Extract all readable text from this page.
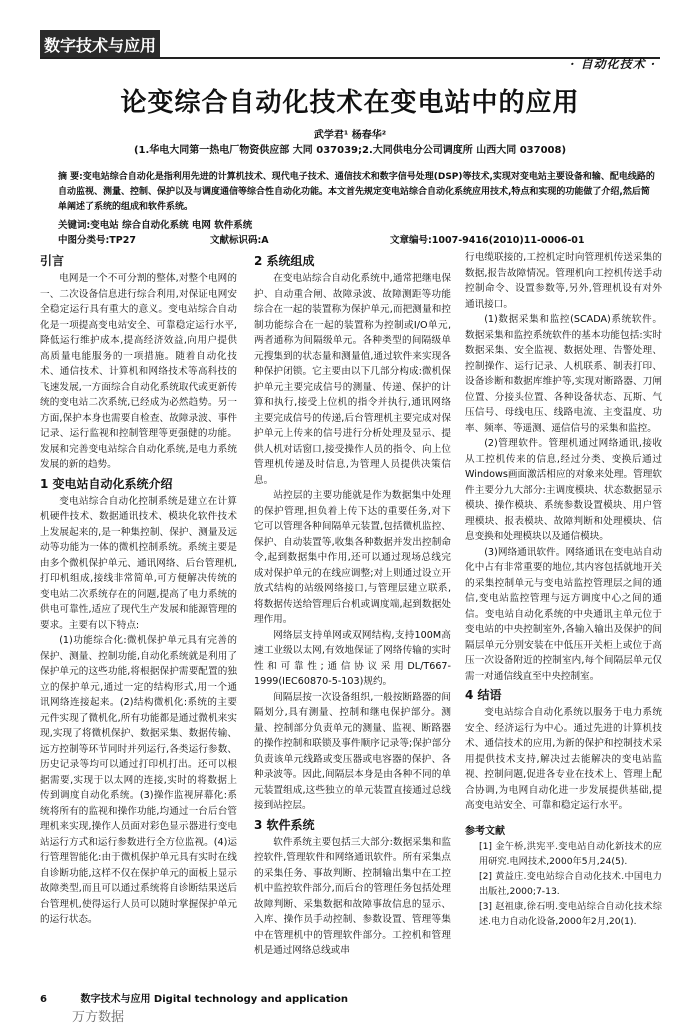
数字技术与应用
· 自动化技术 ·
论变综合自动化技术在变电站中的应用
武学君¹ 杨春华²
(1.华电大同第一热电厂物资供应部 大同 037039;2.大同供电分公司调度所 山西大同 037008)
摘 要:变电站综合自动化是指利用先进的计算机技术、现代电子技术、通信技术和数字信号处理(DSP)等技术,实现对变电站主要设备和输、配电线路的自动监视、测量、控制、保护以及与调度通信等综合性自动化功能。本文首先规定变电站综合自动化系统应用技术,特点和实现的功能做了介绍,然后简单阐述了系统的组成和软件系统。
关键词:变电站 综合自动化系统 电网 软件系统
中图分类号:TP27	文献标识码:A	文章编号:1007-9416(2010)11-0006-01
引言

电网是一个不可分割的整体,对整个电网的一、二次设备信息进行综合利用,对保证电网安全稳定运行具有重大的意义。变电站综合自动化是一项提高变电站安全、可靠稳定运行水平,降低运行维护成本,提高经济效益,向用户提供高质量电能服务的一项措施。随着自动化技术、通信技术、计算机和网络技术等高科技的飞速发展,一方面综合自动化系统取代或更新传统的变电站二次系统,已经成为必然趋势。另一方面,保护本身也需要自检查、故障录波、事件记录、运行监视和控制管理等更强健的功能。发展和完善变电站综合自动化系统,是电力系统发展的新的趋势。

1 变电站自动化系统介绍

变电站综合自动化控制系统是建立在计算机硬件技术、数据通讯技术、模块化软件技术上发展起来的,是一种集控制、保护、测量及远动等功能为一体的微机控制系统。系统主要是由多个微机保护单元、通讯网络、后台管理机,打印机组成,接线非常简单,可方便解决传统的变电站二次系统存在的问题,提高了电力系统的供电可靠性,适应了现代生产发展和能源管理的要求。主要有以下特点:

(1)功能综合化:微机保护单元具有完善的保护、测量、控制功能,自动化系统就是利用了保护单元的这些功能,将根据保护需要配置的独立的保护单元,通过一定的结构形式,用一个通讯网络连接起来。(2)结构微机化:系统的主要元件实现了微机化,所有功能都是通过微机来实现,实现了将微机保护、数据采集、数据传输、远方控制等环节同时并列运行,各类运行参数、历史记录等均可以通过打印机打出。还可以根据需要,实现于以太网的连接,实时的将数据上传到调度自动化系统。(3)操作监视屏幕化:系统将所有的监视和操作功能,均通过一台后台管理机来实现,操作人员面对彩色显示器进行变电站运行方式和运行参数进行全方位监视。(4)运行管理智能化:由于微机保护单元具有实时在线自诊断功能,这样不仅在保护单元的面板上显示故障类型,而且可以通过系统将自诊断结果送后台管理机,使得运行人员可以随时掌握保护单元的运行状态。

2 系统组成

在变电站综合自动化系统中,通常把继电保护、自动重合闸、故障录波、故障测距等功能综合在一起的装置称为保护单元,而把测量和控制功能综合在一起的装置称为控制或I/O单元,两者通称为间隔级单元。各种类型的间隔级单元搜集到的状态量和测量值,通过软件来实现各种保护闭锁。它主要由以下几部分构成:微机保护单元主要完成信号的测量、传递、保护的计算和执行,接受上位机的指令并执行,通讯网络主要完成信号的传递,后台管理机主要完成对保护单元上传来的信号进行分析处理及显示、提供人机对话窗口,接受操作人员的指令、向上位管理机传递及时信息,为管理人员提供决策信息。

站控层的主要功能就是作为数据集中处理的保护管理,担负着上传下达的重要任务,对下它可以管理各种间隔单元装置,包括微机监控、保护、自动装置等,收集各种数据并发出控制命令,起到数据集中作用,还可以通过现场总线完成对保护单元的在线应调整;对上则通过设立开放式结构的站级网络接口,与管理层建立联系,将数据传送给管理后台机或调度端,起到数据处理作用。

网络层支持单网或双网结构,支持100M高速工业级以太网,有效地保证了网络传输的实时性和可靠性;通信协议采用DL/T667-1999(IEC60870-5-103)规约。

间隔层按一次设备组织,一般按断路器的间隔划分,具有测量、控制和继电保护部分。测量、控制部分负责单元的测量、监视、断路器的操作控制和联锁及事件顺序记录等;保护部分负责该单元线路或变压器或电容器的保护、各种录波等。因此,间隔层本身是由各种不同的单元装置组成,这些独立的单元装置直接通过总线接到站控层。

3 软件系统

软件系统主要包括三大部分:数据采集和监控软件,管理软件和网络通讯软件。所有采集点的采集任务、事故判断、控制输出集中在工控机中监控软件部分,而后台的管理任务包括处理故障判断、采集数据和故障事故信息的显示、入库、操作员手动控制、参数设置、管理等集中在管理机中的管理软件部分。工控机和管理机是通过网络总线或串

行电缆联接的,工控机定时向管理机传送采集的数据,报告故障情况。管理机向工控机传送手动控制命令、设置参数等,另外,管理机设有对外通讯接口。

(1)数据采集和监控(SCADA)系统软件。数据采集和监控系统软件的基本功能包括:实时数据采集、安全监视、数据处理、告警处理、控制操作、运行记录、人机联系、制表打印、设备诊断和数据库维护等,实现对断路器、刀闸位置、分接头位置、各种设备状态、瓦斯、气压信号、母线电压、线路电流、主变温度、功率、频率、等遥测、遥信信号的采集和监控。

(2)管理软件。管理机通过网络通讯,接收从工控机传来的信息,经过分类、变换后通过Windows画面激活相应的对象来处理。管理软件主要分九大部分:主调度模块、状态数据显示模块、操作模块、系统参数设置模块、用户管理模块、报表模块、故障判断和处理模块、信息变换和处理模块以及通信模块。

(3)网络通讯软件。网络通讯在变电站自动化中占有非常重要的地位,其内容包括就地开关的采集控制单元与变电站监控管理层之间的通信,变电站监控管理与远方调度中心之间的通信。变电站自动化系统的中央通讯主单元位于变电站的中央控制室外,各输入输出及保护的间隔层单元分别安装在中低压开关柜上或位于高压一次设备附近的控制室内,每个间隔层单元仅需一对通信线直至中央控制室。

4 结语

变电站综合自动化系统以服务于电力系统安全、经济运行为中心。通过先进的计算机技术、通信技术的应用,为新的保护和控制技术采用提供技术支持,解决过去能解决的变电站监视、控制问题,促进各专业在技术上、管理上配合协调,为电网自动化进一步发展提供基础,提高变电站安全、可靠和稳定运行水平。

参考文献

[1] 金午桥,洪宪平.变电站自动化新技术的应用研究.电网技术,2000年5月,24(5).

[2] 黄益庄.变电站综合自动化技术.中国电力出版社,2000;7-13.

[3] 赵祖康,徐石明.变电站综合自动化技术综述.电力自动化设备,2000年2月,20(1).

6	数字技术与应用 Digital technology and application
万方数据
